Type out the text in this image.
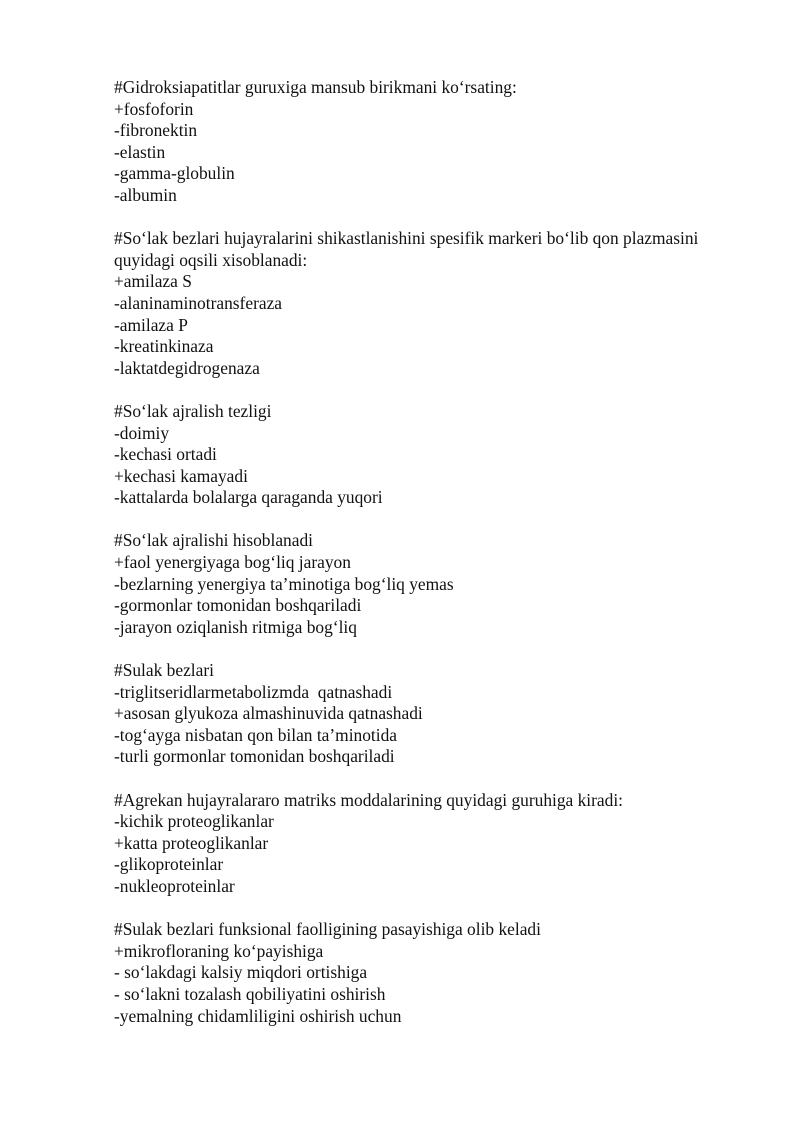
#Gidroksiapatitlar guruxiga mansub birikmani ko‘rsating:
+fosfoforin
-fibronektin
-elastin
-gamma-globulin
-albumin
#So‘lak bezlari hujayralarini shikastlanishini spesifik markeri bo‘lib qon plazmasini quyidagi oqsili xisoblanadi:
+amilaza S
-alaninaminotransferaza
-amilaza P
-kreatinkinaza
-laktatdegidrogenaza
#So‘lak ajralish tezligi
-doimiy
-kechasi ortadi
+kechasi kamayadi
-kattalarda bolalarga qaraganda yuqori
#So‘lak ajralishi hisoblanadi
+faol yenergiyaga bog‘liq jarayon
-bezlarning yenergiya ta’minotiga bog‘liq yemas
-gormonlar tomonidan boshqariladi
-jarayon oziqlanish ritmiga bog‘liq
#Sulak bezlari
-triglitseridlarmetabolizmda  qatnashadi
+asosan glyukoza almashinuvida qatnashadi
-tog‘ayga nisbatan qon bilan ta’minotida
-turli gormonlar tomonidan boshqariladi
#Agrekan hujayralararo matriks moddalarining quyidagi guruhiga kiradi:
-kichik proteoglikanlar
+katta proteoglikanlar
-glikoproteinlar
-nukleoproteinlar
#Sulak bezlari funksional faolligining pasayishiga olib keladi
+mikrofloraning ko‘payishiga
- so‘lakdagi kalsiy miqdori ortishiga
- so‘lakni tozalash qobiliyatini oshirish
-yemalning chidamliligini oshirish uchun
